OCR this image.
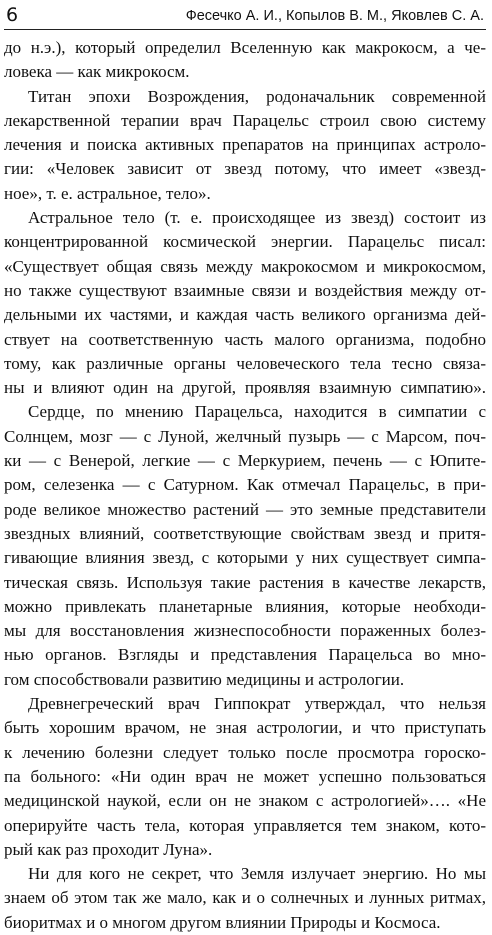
6	Фесечко А. И., Копылов В. М., Яковлев С. А.
до н.э.), который определил Вселенную как макрокосм, а че-
ловека — как микрокосм.
Титан эпохи Возрождения, родоначальник современной
лекарственной терапии врач Парацельс строил свою систему
лечения и поиска активных препаратов на принципах астроло-
гии: «Человек зависит от звезд потому, что имеет «звезд-
ное», т. е. астральное, тело».
Астральное тело (т. е. происходящее из звезд) состоит из
концентрированной космической энергии. Парацельс писал:
«Существует общая связь между макрокосмом и микрокосмом,
но также существуют взаимные связи и воздействия между от-
дельными их частями, и каждая часть великого организма дей-
ствует на соответственную часть малого организма, подобно
тому, как различные органы человеческого тела тесно связа-
ны и влияют один на другой, проявляя взаимную симпатию».
Сердце, по мнению Парацельса, находится в симпатии с
Солнцем, мозг — с Луной, желчный пузырь — с Марсом, поч-
ки — с Венерой, легкие — с Меркурием, печень — с Юпите-
ром, селезенка — с Сатурном. Как отмечал Парацельс, в при-
роде великое множество растений — это земные представители
звездных влияний, соответствующие свойствам звезд и притя-
гивающие влияния звезд, с которыми у них существует симпа-
тическая связь. Используя такие растения в качестве лекарств,
можно привлекать планетарные влияния, которые необходи-
мы для восстановления жизнеспособности пораженных болез-
нью органов. Взгляды и представления Парацельса во мно-
гом способствовали развитию медицины и астрологии.
Древнегреческий врач Гиппократ утверждал, что нельзя
быть хорошим врачом, не зная астрологии, и что приступать
к лечению болезни следует только после просмотра гороско-
па больного: «Ни один врач не может успешно пользоваться
медицинской наукой, если он не знаком с астрологией»…. «Не
оперируйте часть тела, которая управляется тем знаком, кото-
рый как раз проходит Луна».
Ни для кого не секрет, что Земля излучает энергию. Но мы
знаем об этом так же мало, как и о солнечных и лунных ритмах,
биоритмах и о многом другом влиянии Природы и Космоса.
